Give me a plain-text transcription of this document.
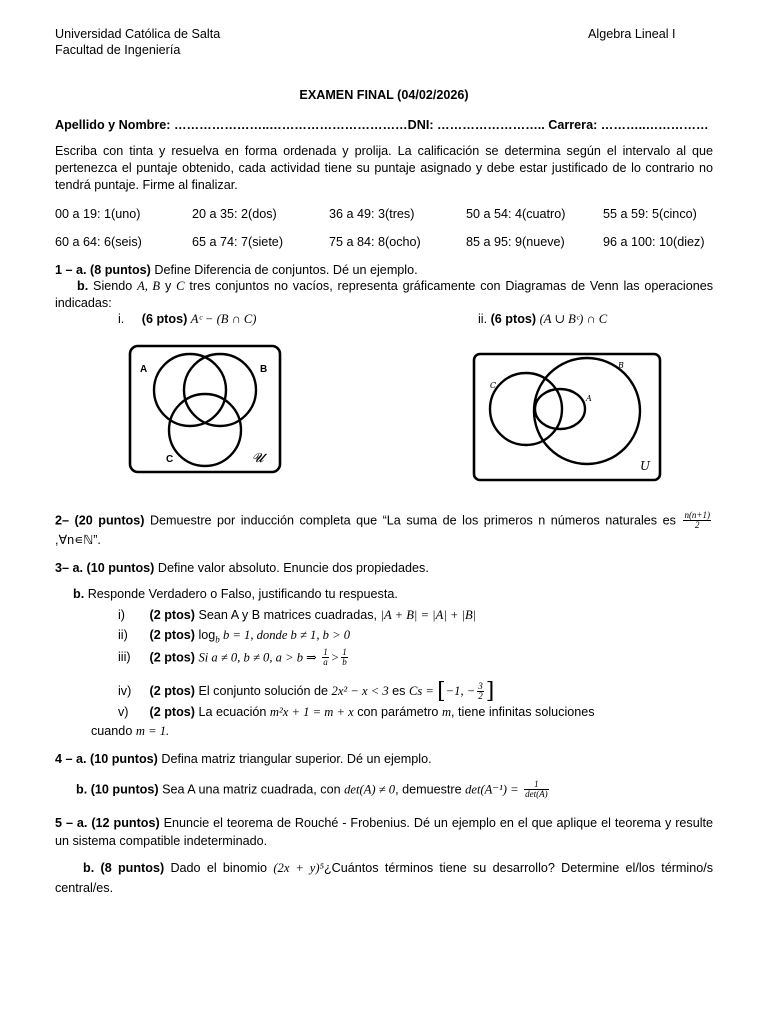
Universidad Católica de Salta
Facultad de Ingeniería
Algebra Lineal I
EXAMEN FINAL (04/02/2026)
Apellido y Nombre: …………………..……………………………DNI: …………………….. Carrera: ………..……………
Escriba con tinta y resuelva en forma ordenada y prolija. La calificación se determina según el intervalo al que pertenezca el puntaje obtenido, cada actividad tiene su puntaje asignado y debe estar justificado de lo contrario no tendrá puntaje. Firme al finalizar.
00 a 19: 1(uno)	20 a 35: 2(dos)	36 a 49: 3(tres)	50 a 54: 4(cuatro)	55 a 59: 5(cinco)
60 a 64: 6(seis)	65 a 74: 7(siete)	75 a 84: 8(ocho)	85 a 95: 9(nueve)	96 a 100: 10(diez)
1 – a. (8 puntos) Define Diferencia de conjuntos. Dé un ejemplo.
b. Siendo A, B y C tres conjuntos no vacíos, representa gráficamente con Diagramas de Venn las operaciones indicadas:
i. (6 ptos) Aᶜ − (B ∩ C)	ii. (6 ptos) (A ∪ Bᶜ) ∩ C
A	B
C	𝓤
A
B
C
U
2– (20 puntos) Demuestre por inducción completa que “La suma de los primeros n números naturales es $\frac{n(n+1)}{2}$
,∀n∊ℕ”.
3– a. (10 puntos) Define valor absoluto. Enuncie dos propiedades.
b. Responde Verdadero o Falso, justificando tu respuesta.
i) (2 ptos) Sean A y B matrices cuadradas, |A + B| = |A| + |B|
ii) (2 ptos) $\log_b b = 1$, donde b ≠ 1, b > 0
iii) (2 ptos) Si a ≠ 0, b ≠ 0, a > b ⇒ $\frac{1}{a} > \frac{1}{b}$
iv) (2 ptos) El conjunto solución de 2x² − x < 3 es Cs = [−1, − $\frac{3}{2}$ ]
v) (2 ptos) La ecuación m²x + 1 = m + x con parámetro m, tiene infinitas soluciones
cuando m = 1.
4 – a. (10 puntos) Defina matriz triangular superior. Dé un ejemplo.
b. (10 puntos) Sea A una matriz cuadrada, con det(A) ≠ 0, demuestre $\det(A^{-1}) = \frac{1}{\det(A)}$
5 – a. (12 puntos) Enuncie el teorema de Rouché - Frobenius. Dé un ejemplo en el que aplique el teorema y resulte un sistema compatible indeterminado.
b. (8 puntos) Dado el binomio (2x + y)⁵¿Cuántos términos tiene su desarrollo? Determine el/los término/s central/es.
